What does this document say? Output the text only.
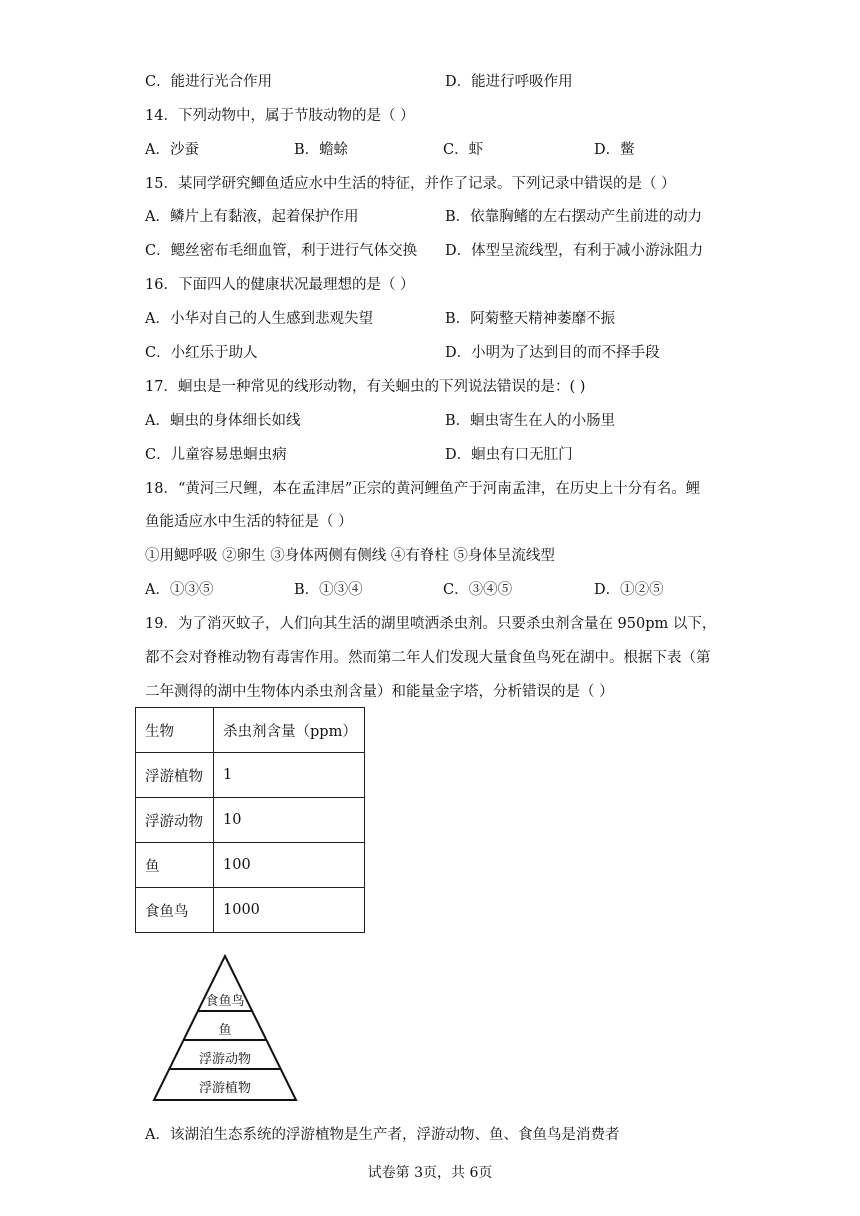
C．能进行光合作用	D．能进行呼吸作用
14．下列动物中，属于节肢动物的是（ ）
A．沙蚕	B．蟾蜍	C．虾	D．鳖
15．某同学研究鲫鱼适应水中生活的特征，并作了记录。下列记录中错误的是（ ）
A．鳞片上有黏液，起着保护作用	B．依靠胸鳍的左右摆动产生前进的动力
C．鳃丝密布毛细血管，利于进行气体交换 D．体型呈流线型，有利于减小游泳阻力
16．下面四人的健康状况最理想的是（ ）
A．小华对自己的人生感到悲观失望	B．阿菊整天精神萎靡不振
C．小红乐于助人	D．小明为了达到目的而不择手段
17．蛔虫是一种常见的线形动物，有关蛔虫的下列说法错误的是：( )
A．蛔虫的身体细长如线	B．蛔虫寄生在人的小肠里
C．儿童容易患蛔虫病	D．蛔虫有口无肛门
18．“黄河三尺鲤，本在孟津居”正宗的黄河鲤鱼产于河南孟津，在历史上十分有名。鲤
鱼能适应水中生活的特征是（ ）
①用鳃呼吸 ②卵生 ③身体两侧有侧线 ④有脊柱 ⑤身体呈流线型
A．①③⑤	B．①③④	C．③④⑤	D．①②⑤
19．为了消灭蚊子，人们向其生活的湖里喷洒杀虫剂。只要杀虫剂含量在 950pm 以下，
都不会对脊椎动物有毒害作用。然而第二年人们发现大量食鱼鸟死在湖中。根据下表（第
二年测得的湖中生物体内杀虫剂含量）和能量金字塔，分析错误的是（ ）
生物	杀虫剂含量（ppm）
浮游植物	1
浮游动物	10
鱼	100
食鱼鸟	1000
食鱼鸟
鱼
浮游动物
浮游植物
A．该湖泊生态系统的浮游植物是生产者，浮游动物、鱼、食鱼鸟是消费者
试卷第 3页，共 6页
